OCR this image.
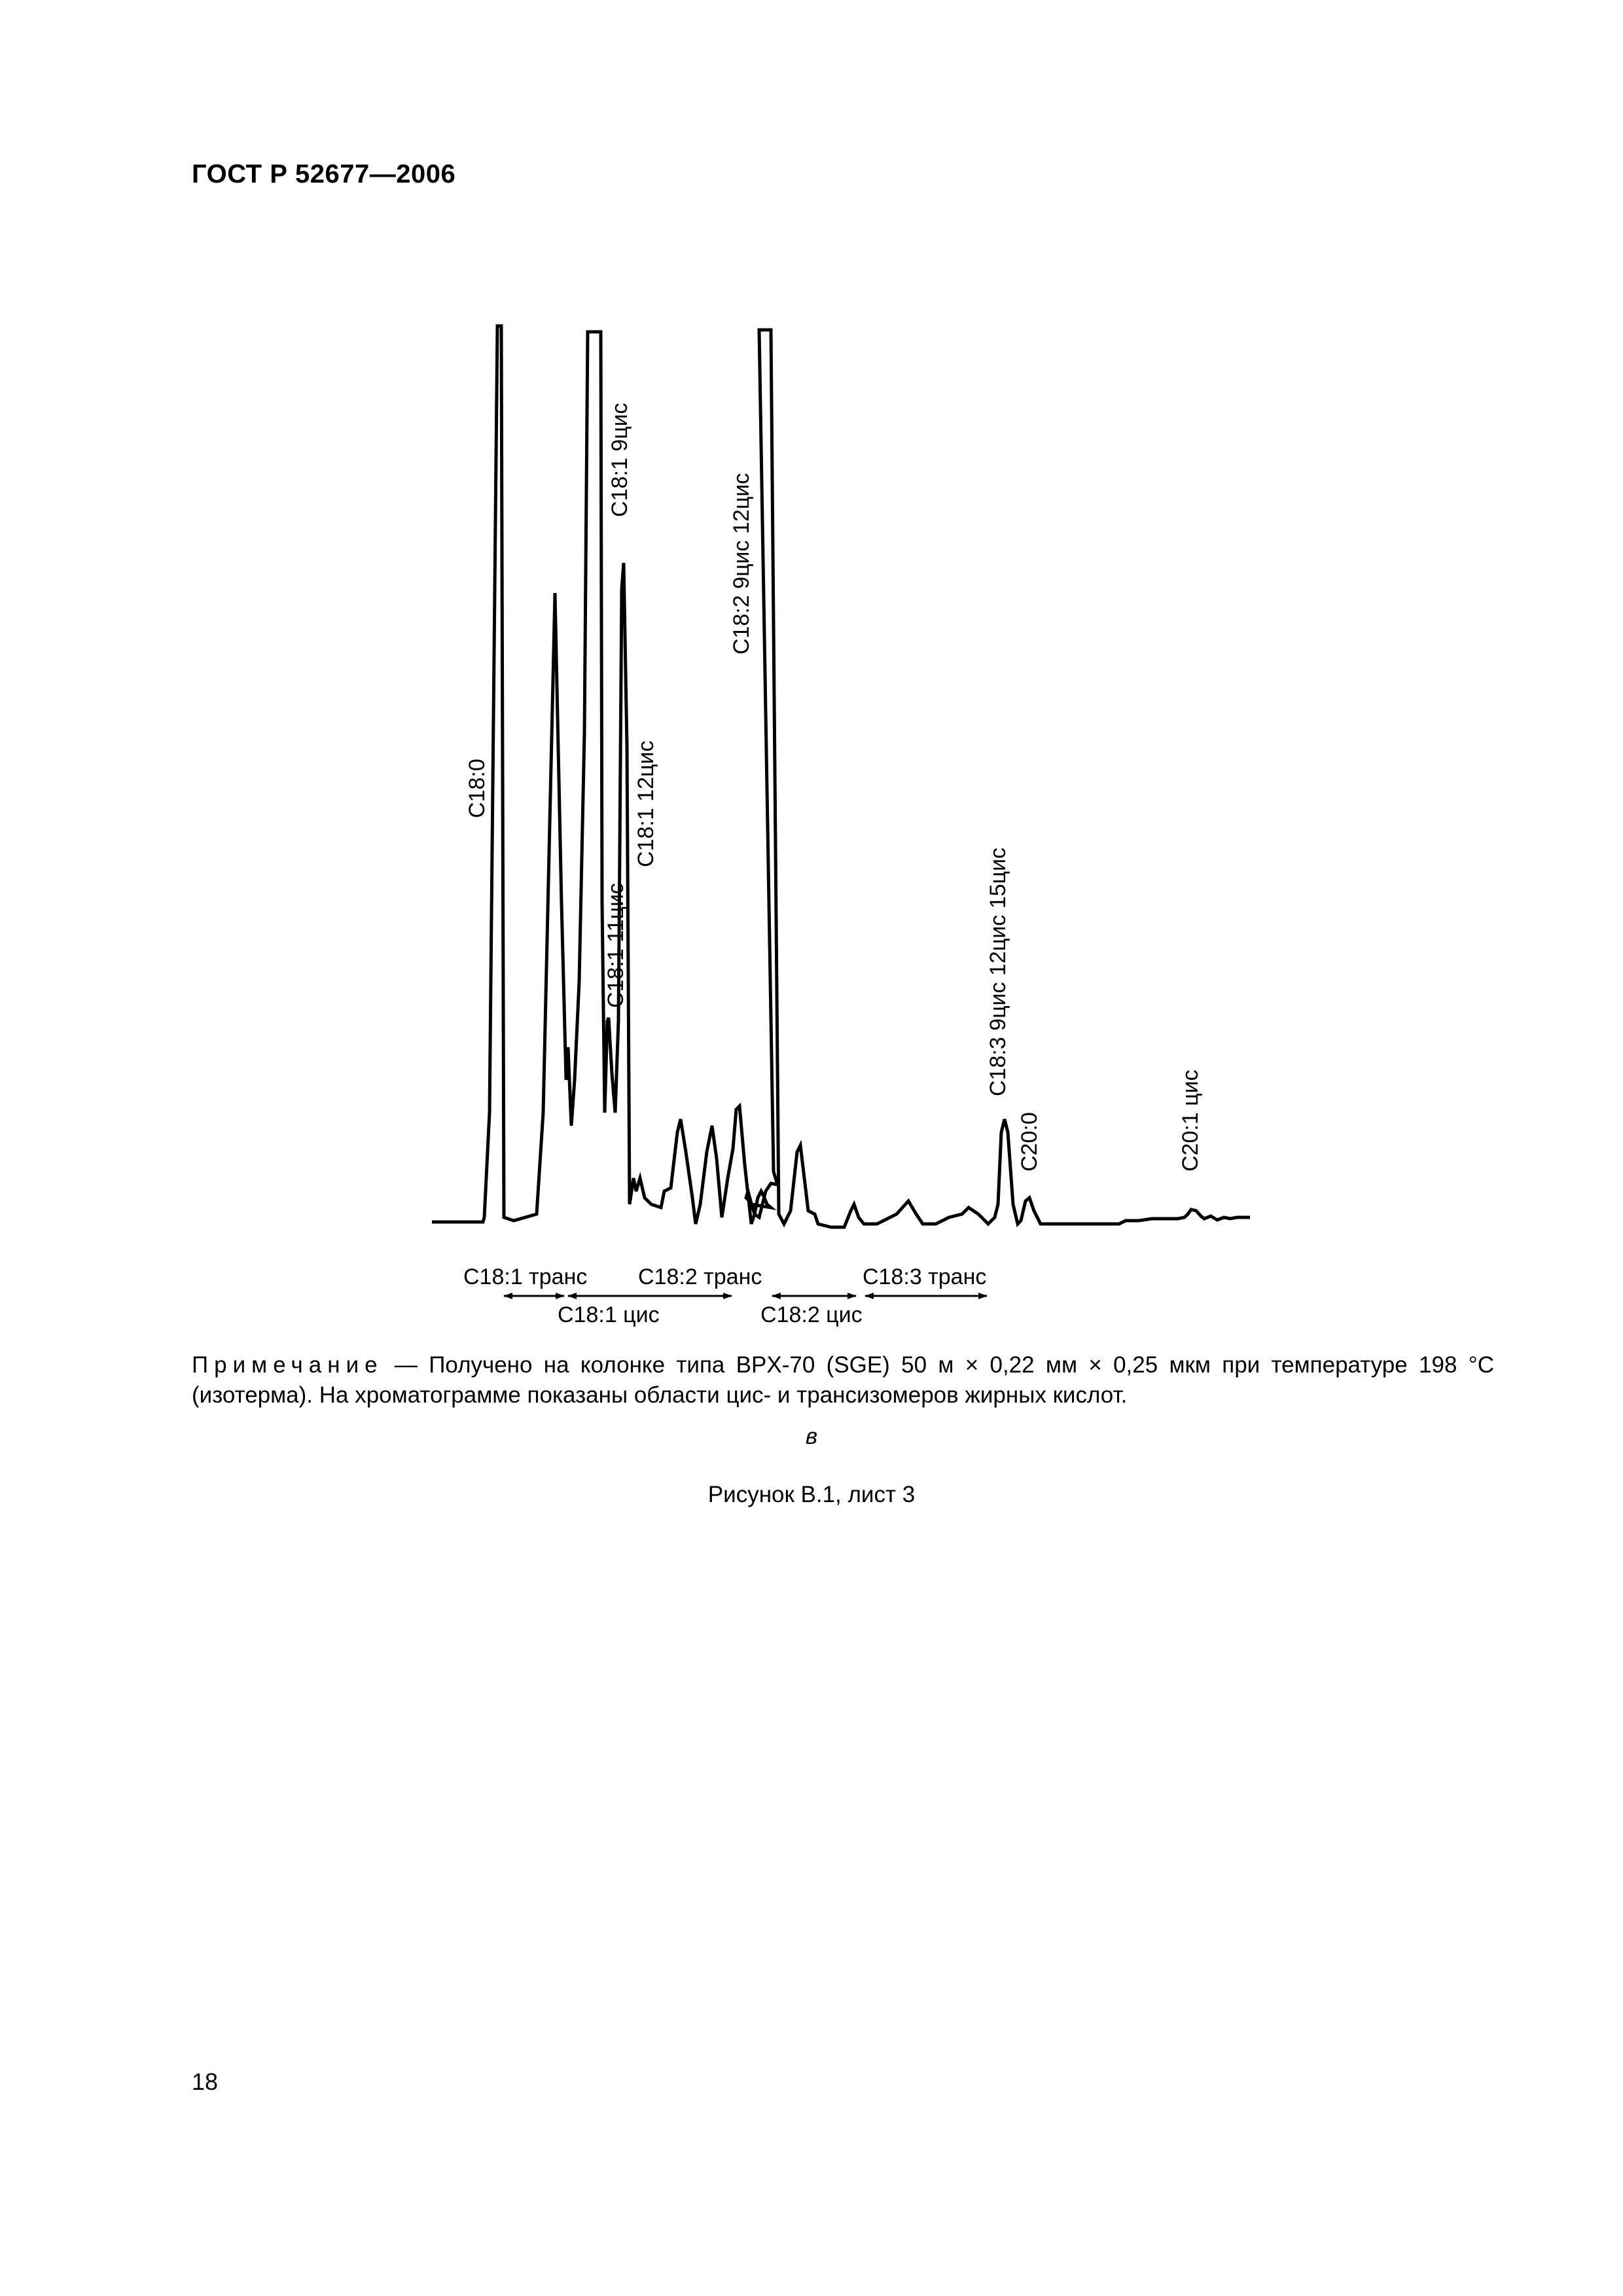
ГОСТ Р 52677—2006
C18:0
C18:1 9цис
C18:1 12цис
C18:1 11цис
C18:2 9цис 12цис
C18:3 9цис 12цис 15цис
C20:0	C20:1 цис
C18:1 транс C18:2 транс	C18:3 транс
C18:1 цис	C18:2 цис
Примечание — Получено на колонке типа BPX-70 (SGE) 50 м × 0,22 мм × 0,25 мкм при температуре 198 °C (изотерма). На хроматограмме показаны области цис- и трансизомеров жирных кислот.
в
Рисунок В.1, лист 3
18
